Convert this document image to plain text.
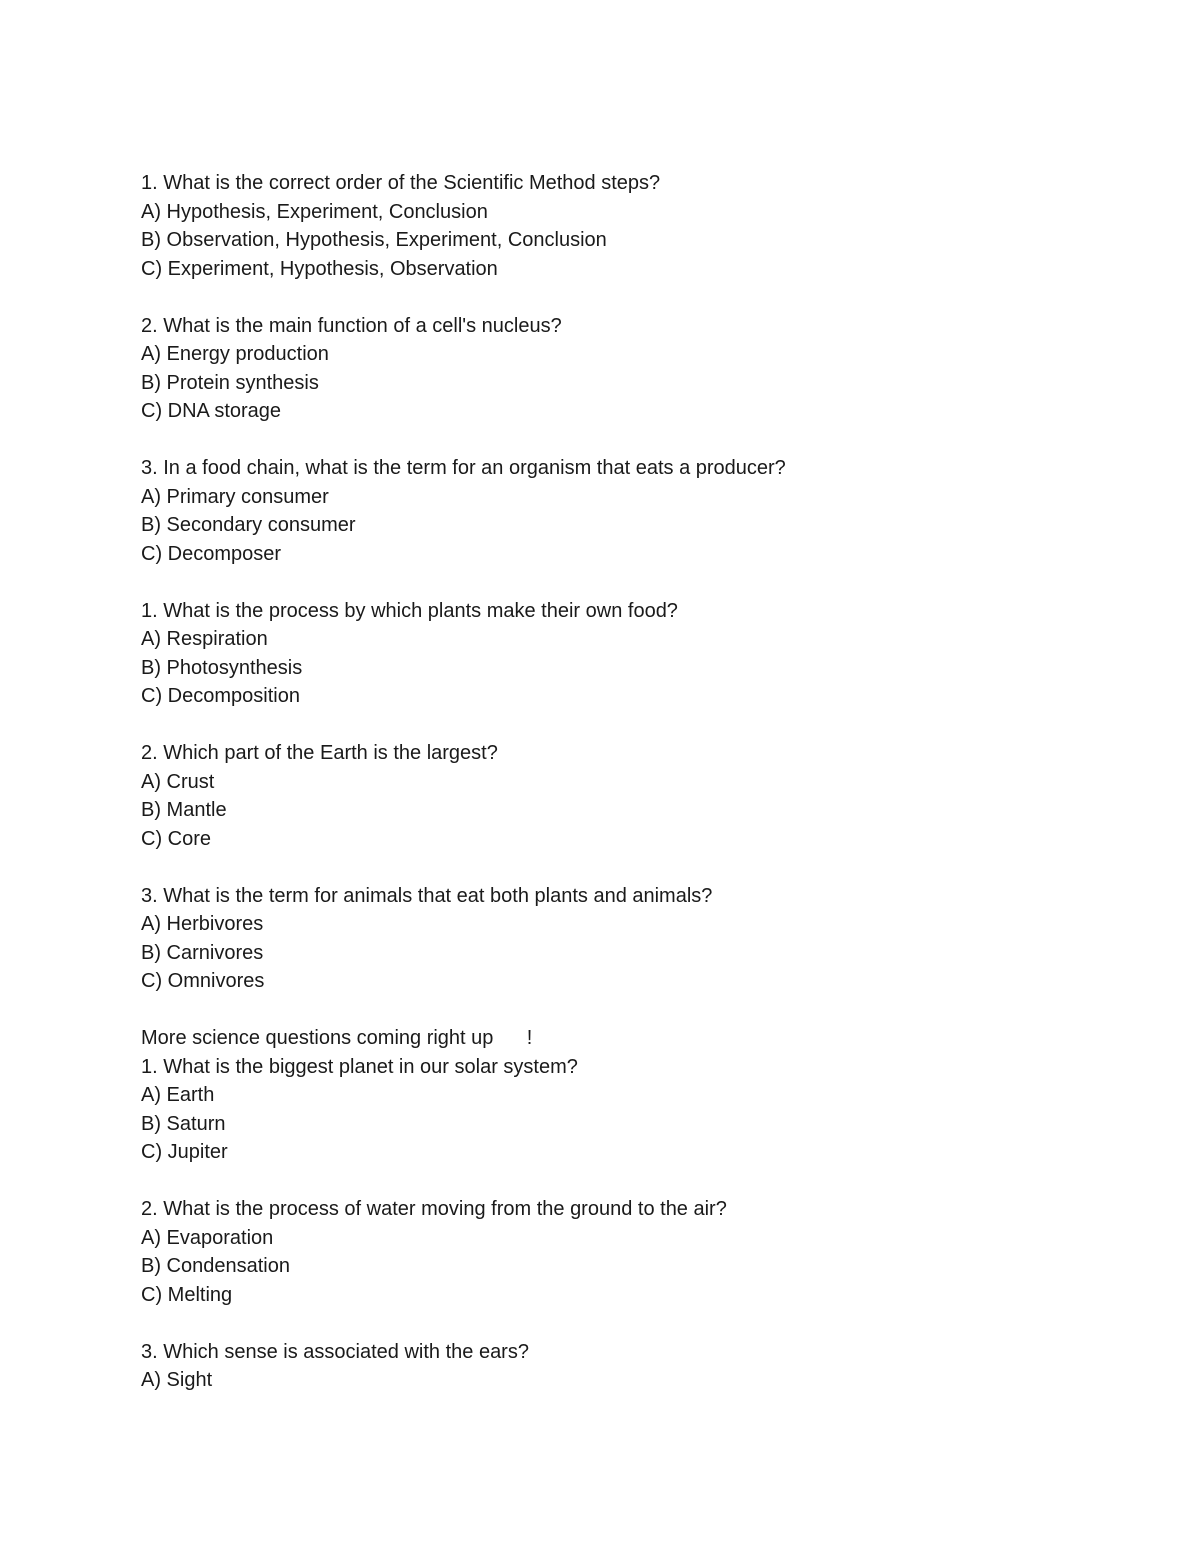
1. What is the correct order of the Scientific Method steps?
A) Hypothesis, Experiment, Conclusion
B) Observation, Hypothesis, Experiment, Conclusion
C) Experiment, Hypothesis, Observation
2. What is the main function of a cell's nucleus?
A) Energy production
B) Protein synthesis
C) DNA storage
3. In a food chain, what is the term for an organism that eats a producer?
A) Primary consumer
B) Secondary consumer
C) Decomposer
1. What is the process by which plants make their own food?
A) Respiration
B) Photosynthesis
C) Decomposition
2. Which part of the Earth is the largest?
A) Crust
B) Mantle
C) Core
3. What is the term for animals that eat both plants and animals?
A) Herbivores
B) Carnivores
C) Omnivores
More science questions coming right up      !
1. What is the biggest planet in our solar system?
A) Earth
B) Saturn
C) Jupiter
2. What is the process of water moving from the ground to the air?
A) Evaporation
B) Condensation
C) Melting
3. Which sense is associated with the ears?
A) Sight
